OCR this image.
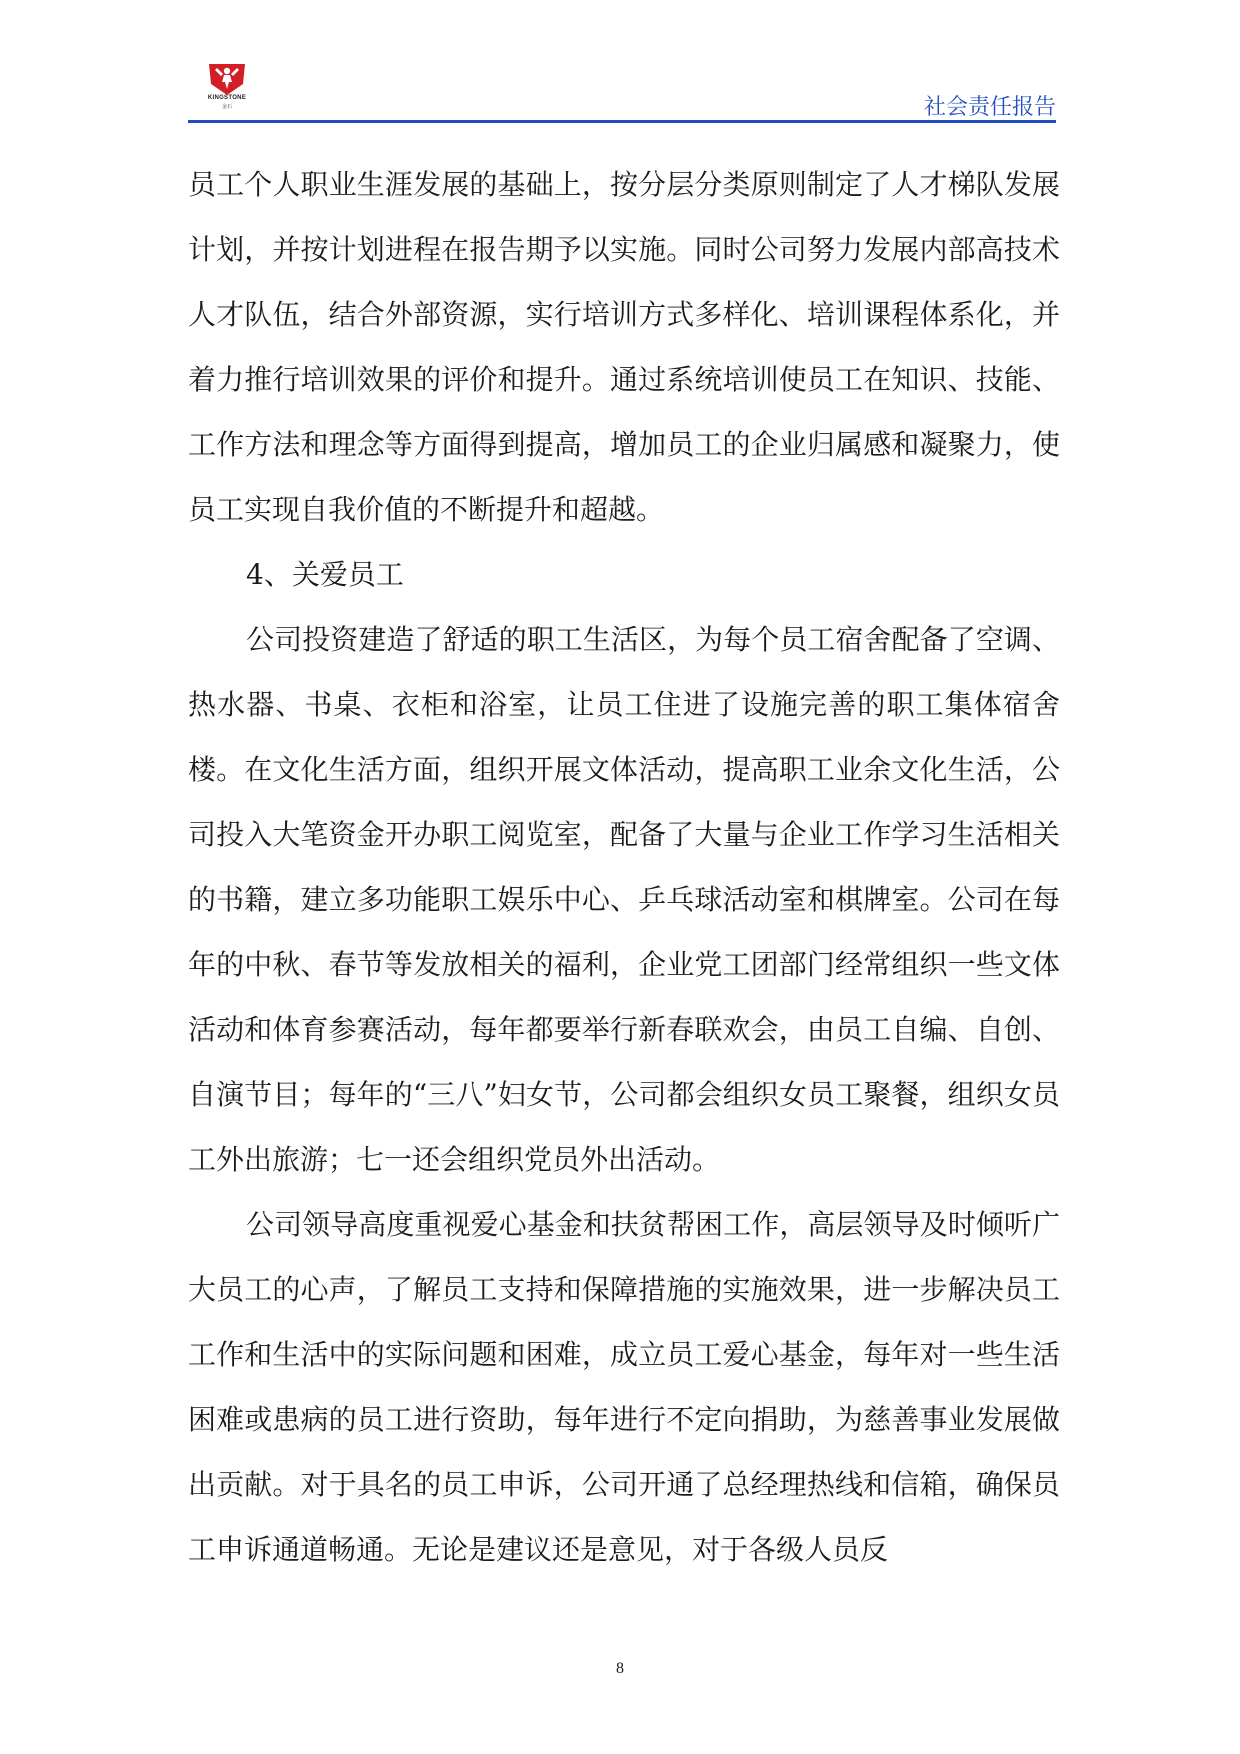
KINGSTONE
金石	社会责任报告

员工个人职业生涯发展的基础上，按分层分类原则制定了人才梯队发展计划，并按计划进程在报告期予以实施。同时公司努力发展内部高技术人才队伍，结合外部资源，实行培训方式多样化、培训课程体系化，并着力推行培训效果的评价和提升。通过系统培训使员工在知识、技能、工作方法和理念等方面得到提高，增加员工的企业归属感和凝聚力，使员工实现自我价值的不断提升和超越。

4、关爱员工

公司投资建造了舒适的职工生活区，为每个员工宿舍配备了空调、热水器、书桌、衣柜和浴室，让员工住进了设施完善的职工集体宿舍楼。在文化生活方面，组织开展文体活动，提高职工业余文化生活，公司投入大笔资金开办职工阅览室，配备了大量与企业工作学习生活相关的书籍，建立多功能职工娱乐中心、乒乓球活动室和棋牌室。公司在每年的中秋、春节等发放相关的福利，企业党工团部门经常组织一些文体活动和体育参赛活动，每年都要举行新春联欢会，由员工自编、自创、自演节目；每年的“三八”妇女节，公司都会组织女员工聚餐，组织女员工外出旅游；七一还会组织党员外出活动。

公司领导高度重视爱心基金和扶贫帮困工作，高层领导及时倾听广大员工的心声，了解员工支持和保障措施的实施效果，进一步解决员工工作和生活中的实际问题和困难，成立员工爱心基金，每年对一些生活困难或患病的员工进行资助，每年进行不定向捐助，为慈善事业发展做出贡献。对于具名的员工申诉，公司开通了总经理热线和信箱，确保员工申诉通道畅通。无论是建议还是意见，对于各级人员反

8
